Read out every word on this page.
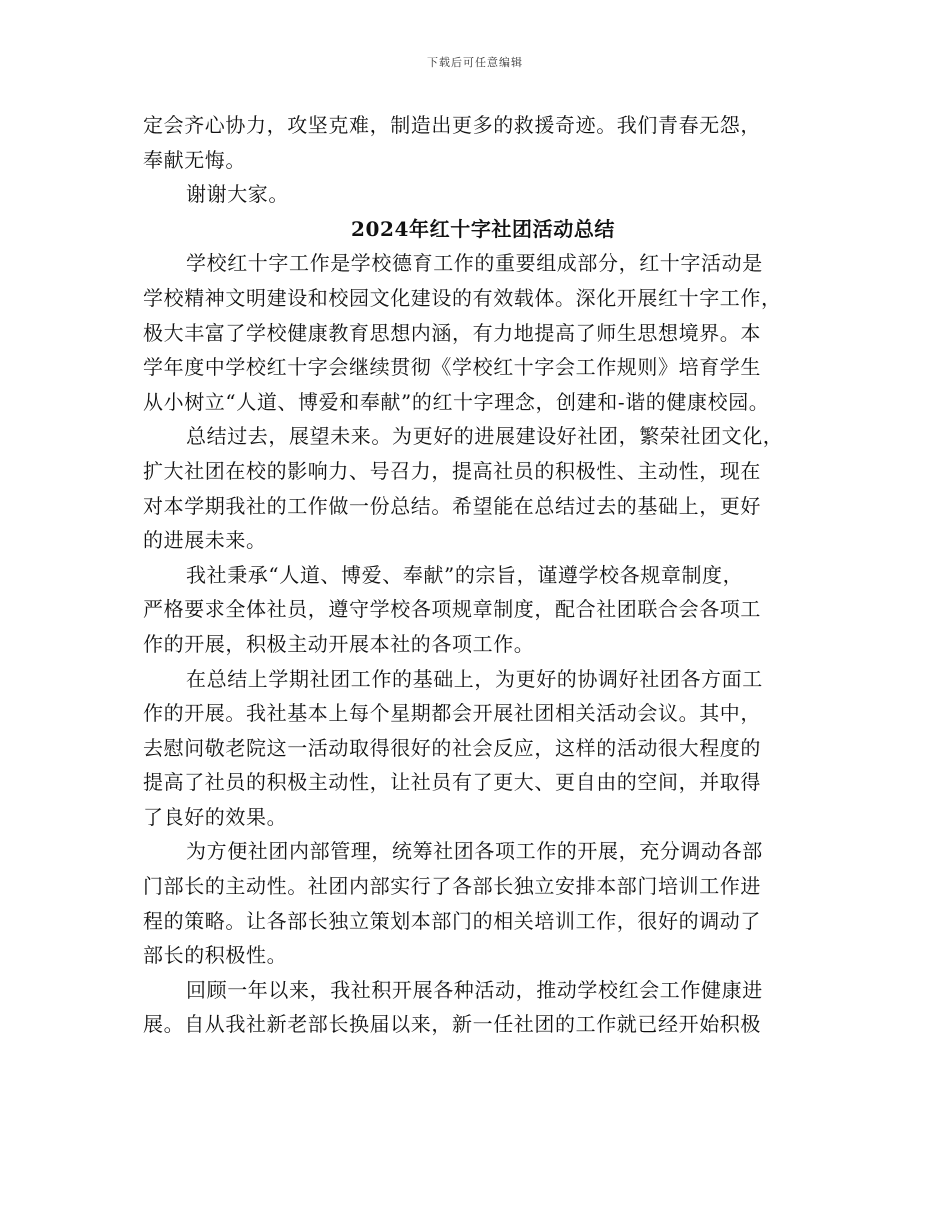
下载后可任意编辑
定会齐心协力，攻坚克难，制造出更多的救援奇迹。我们青春无怨，
奉献无悔。
谢谢大家。
2024年红十字社团活动总结
学校红十字工作是学校德育工作的重要组成部分，红十字活动是
学校精神文明建设和校园文化建设的有效载体。深化开展红十字工作，
极大丰富了学校健康教育思想内涵，有力地提高了师生思想境界。本
学年度中学校红十字会继续贯彻《学校红十字会工作规则》培育学生
从小树立“人道、博爱和奉献”的红十字理念，创建和-谐的健康校园。
总结过去，展望未来。为更好的进展建设好社团，繁荣社团文化，
扩大社团在校的影响力、号召力，提高社员的积极性、主动性，现在
对本学期我社的工作做一份总结。希望能在总结过去的基础上，更好
的进展未来。
我社秉承“人道、博爱、奉献”的宗旨，谨遵学校各规章制度，
严格要求全体社员，遵守学校各项规章制度，配合社团联合会各项工
作的开展，积极主动开展本社的各项工作。
在总结上学期社团工作的基础上，为更好的协调好社团各方面工
作的开展。我社基本上每个星期都会开展社团相关活动会议。其中，
去慰问敬老院这一活动取得很好的社会反应，这样的活动很大程度的
提高了社员的积极主动性，让社员有了更大、更自由的空间，并取得
了良好的效果。
为方便社团内部管理，统筹社团各项工作的开展，充分调动各部
门部长的主动性。社团内部实行了各部长独立安排本部门培训工作进
程的策略。让各部长独立策划本部门的相关培训工作，很好的调动了
部长的积极性。
回顾一年以来，我社积开展各种活动，推动学校红会工作健康进
展。自从我社新老部长换届以来，新一任社团的工作就已经开始积极
